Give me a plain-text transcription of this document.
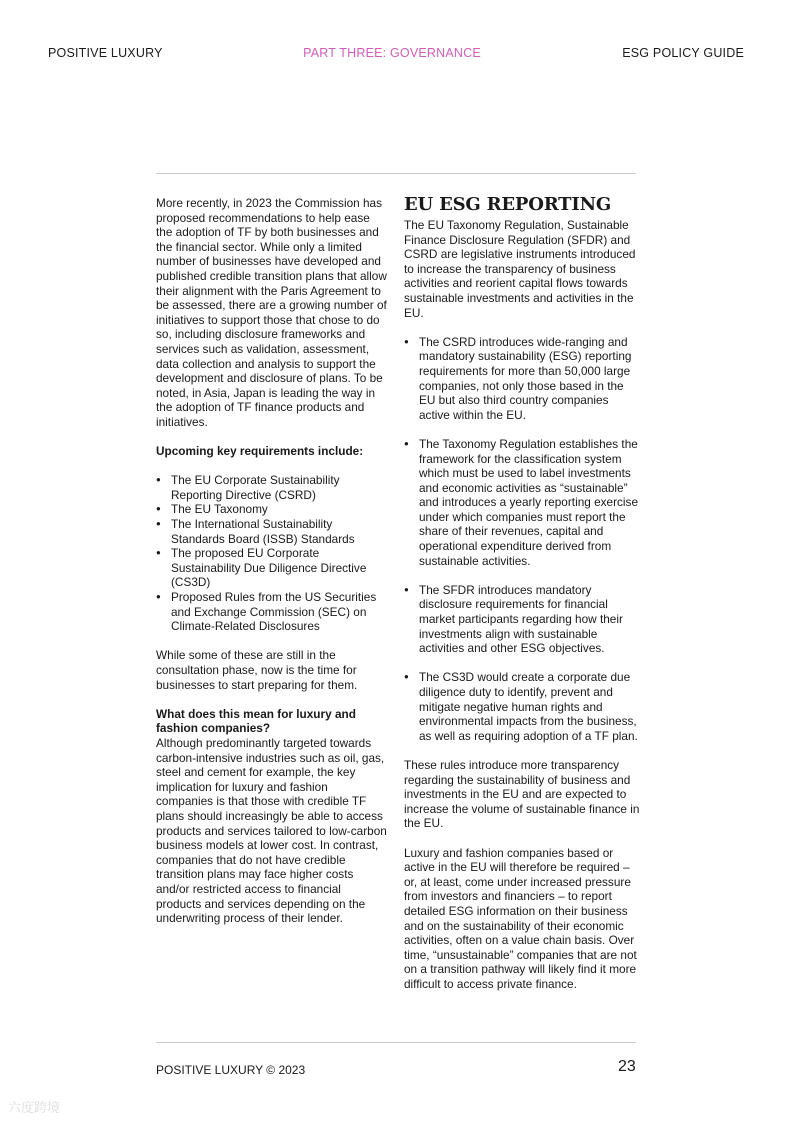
POSITIVE LUXURY	PART THREE: GOVERNANCE	ESG POLICY GUIDE

More recently, in 2023 the Commission has proposed recommendations to help ease the adoption of TF by both businesses and the financial sector. While only a limited number of businesses have developed and published credible transition plans that allow their alignment with the Paris Agreement to be assessed, there are a growing number of initiatives to support those that chose to do so, including disclosure frameworks and services such as validation, assessment, data collection and analysis to support the development and disclosure of plans. To be noted, in Asia, Japan is leading the way in the adoption of TF finance products and initiatives.

Upcoming key requirements include:

● The EU Corporate Sustainability Reporting Directive (CSRD)
● The EU Taxonomy
● The International Sustainability Standards Board (ISSB) Standards
● The proposed EU Corporate Sustainability Due Diligence Directive (CS3D)
● Proposed Rules from the US Securities and Exchange Commission (SEC) on Climate-Related Disclosures

While some of these are still in the consultation phase, now is the time for businesses to start preparing for them.

What does this mean for luxury and fashion companies?

Although predominantly targeted towards carbon-intensive industries such as oil, gas, steel and cement for example, the key implication for luxury and fashion companies is that those with credible TF plans should increasingly be able to access products and services tailored to low-carbon business models at lower cost. In contrast, companies that do not have credible transition plans may face higher costs and/or restricted access to financial products and services depending on the underwriting process of their lender.

EU ESG REPORTING

The EU Taxonomy Regulation, Sustainable Finance Disclosure Regulation (SFDR) and CSRD are legislative instruments introduced to increase the transparency of business activities and reorient capital flows towards sustainable investments and activities in the EU.

● The CSRD introduces wide-ranging and mandatory sustainability (ESG) reporting requirements for more than 50,000 large companies, not only those based in the EU but also third country companies active within the EU.
● The Taxonomy Regulation establishes the framework for the classification system which must be used to label investments and economic activities as “sustainable” and introduces a yearly reporting exercise under which companies must report the share of their revenues, capital and operational expenditure derived from sustainable activities.
● The SFDR introduces mandatory disclosure requirements for financial market participants regarding how their investments align with sustainable activities and other ESG objectives.
● The CS3D would create a corporate due diligence duty to identify, prevent and mitigate negative human rights and environmental impacts from the business, as well as requiring adoption of a TF plan.

These rules introduce more transparency regarding the sustainability of business and investments in the EU and are expected to increase the volume of sustainable finance in the EU.

Luxury and fashion companies based or active in the EU will therefore be required – or, at least, come under increased pressure from investors and financiers – to report detailed ESG information on their business and on the sustainability of their economic activities, often on a value chain basis. Over time, “unsustainable” companies that are not on a transition pathway will likely find it more difficult to access private finance.

POSITIVE LUXURY © 2023	23
六度跨境
